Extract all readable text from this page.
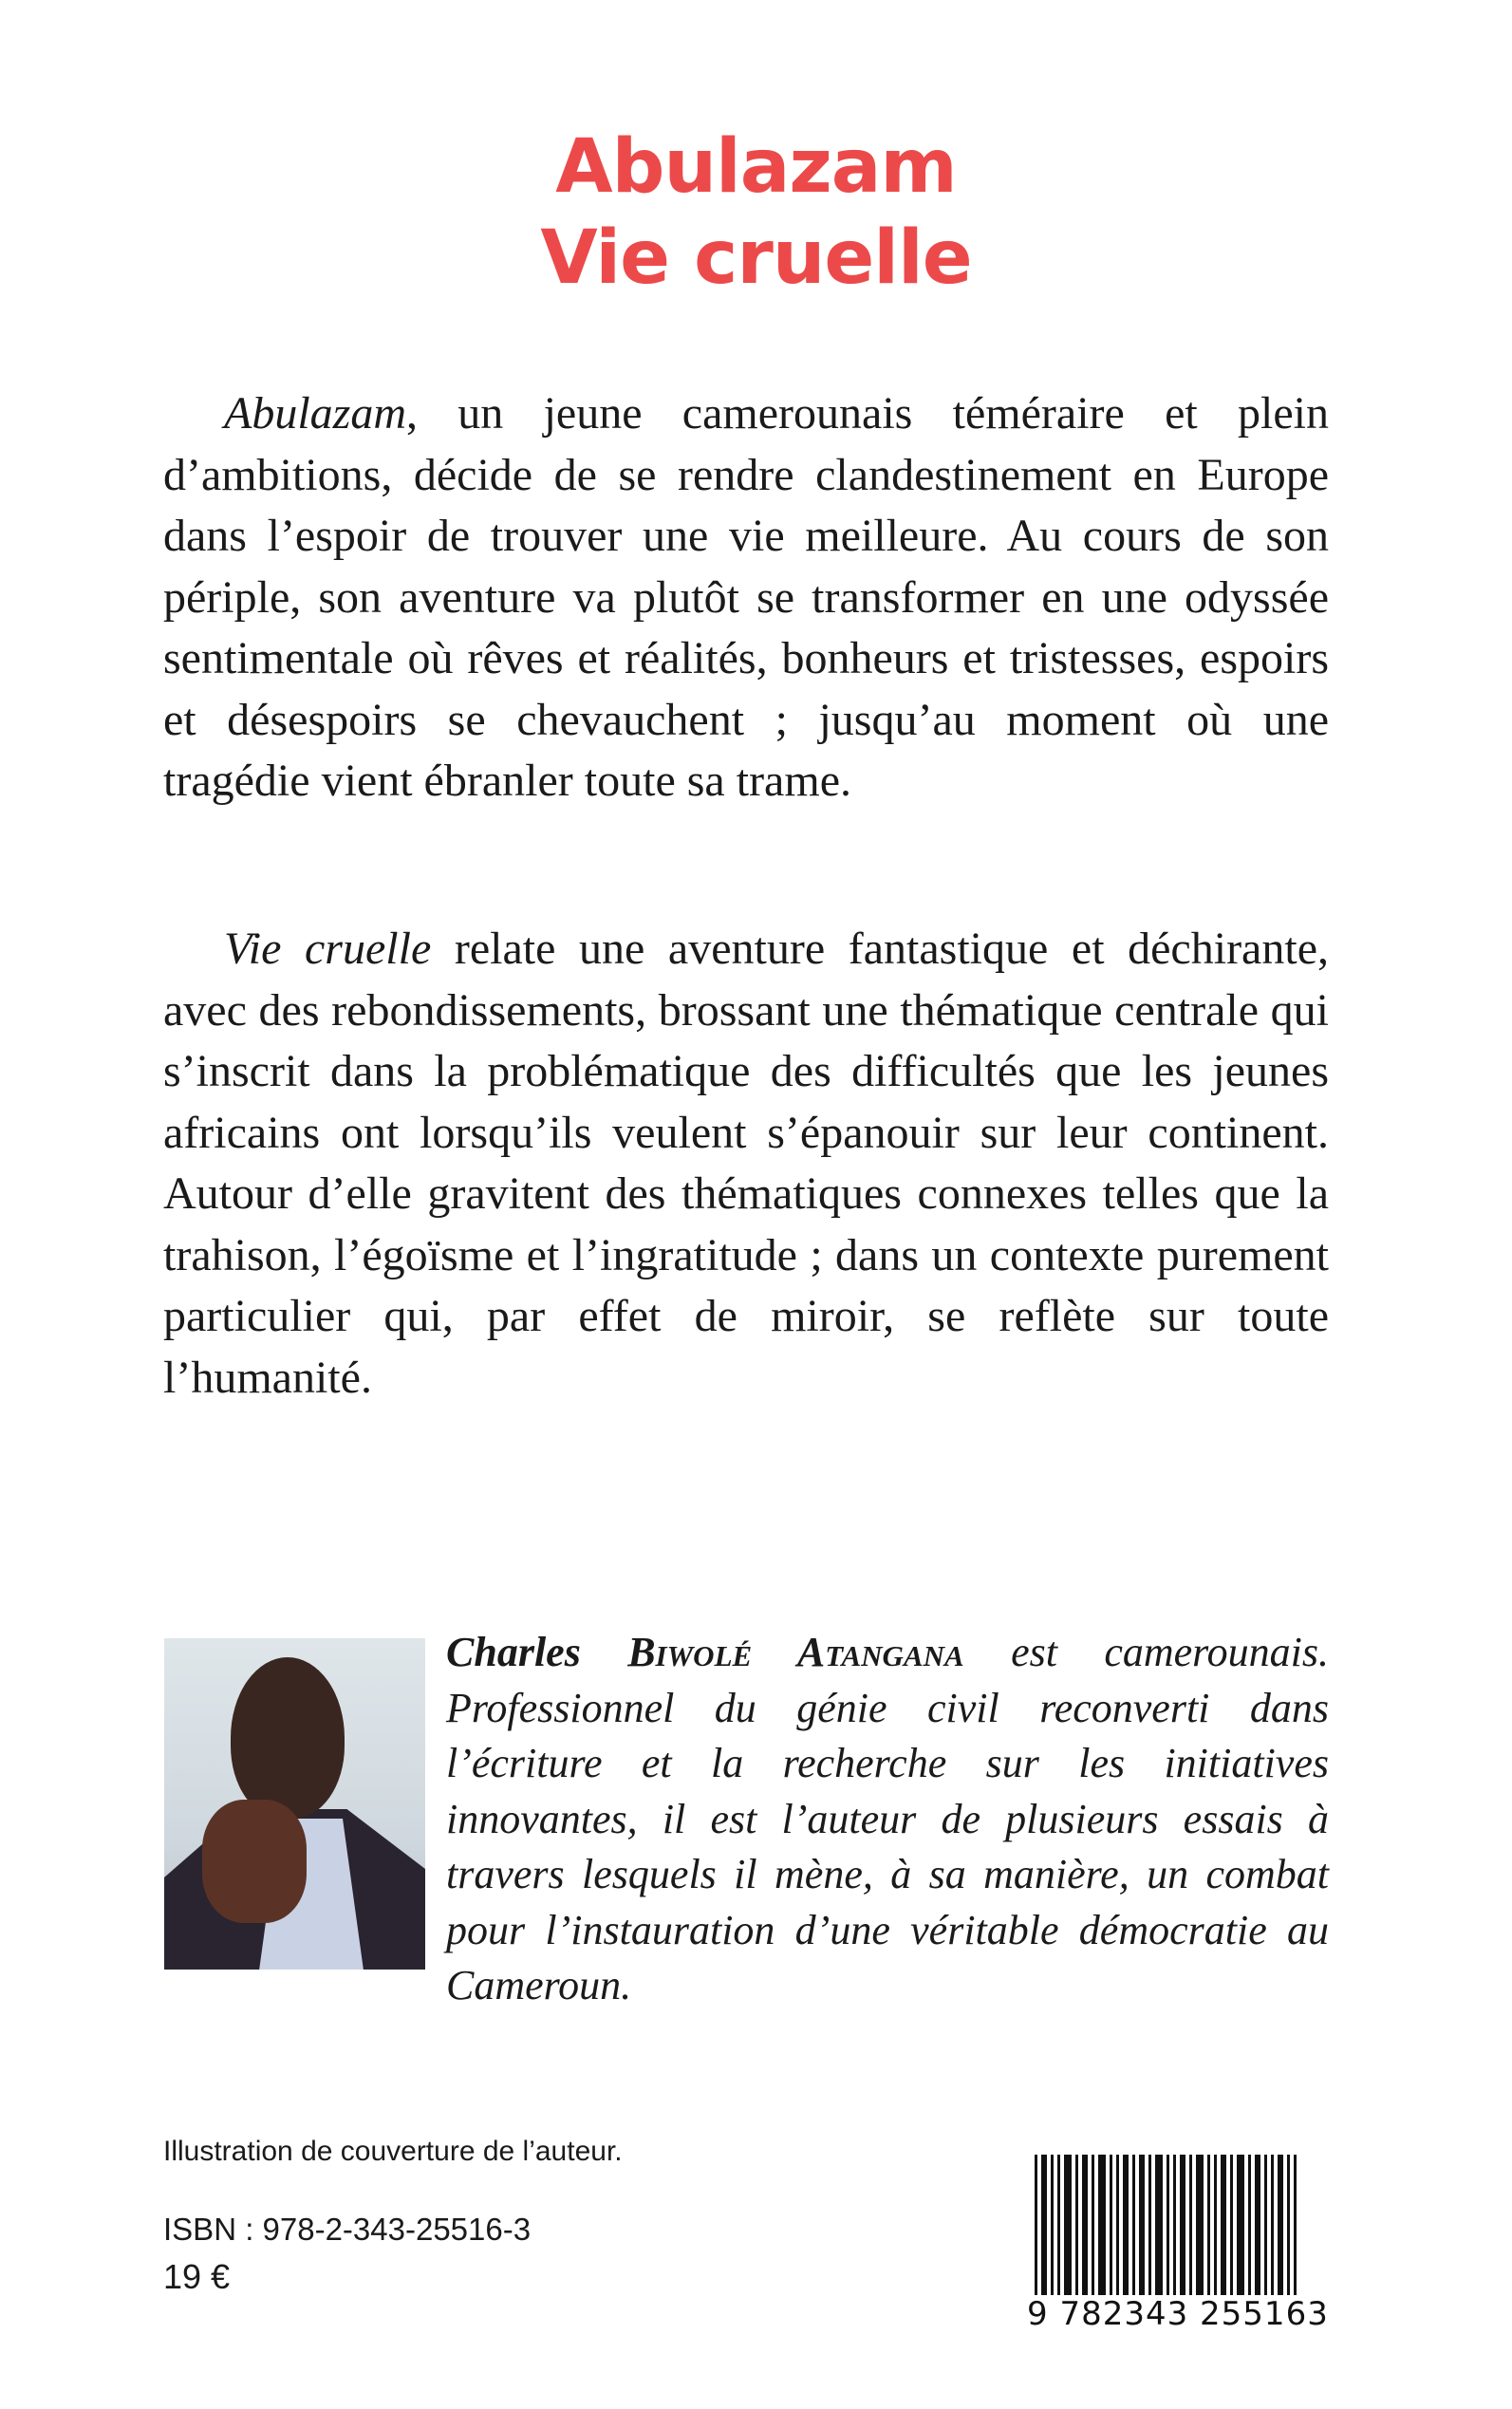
Abulazam
Vie cruelle
Abulazam, un jeune camerounais téméraire et plein d’ambitions, décide de se rendre clandestinement en Europe dans l’espoir de trouver une vie meilleure. Au cours de son périple, son aventure va plutôt se transformer en une odyssée sentimentale où rêves et réalités, bonheurs et tristesses, espoirs et désespoirs se chevauchent ; jusqu’au moment où une tragédie vient ébranler toute sa trame.
Vie cruelle relate une aventure fantastique et déchirante, avec des rebondissements, brossant une thématique centrale qui s’inscrit dans la problématique des difficultés que les jeunes africains ont lorsqu’ils veulent s’épanouir sur leur continent. Autour d’elle gravitent des thématiques connexes telles que la trahison, l’égoïsme et l’ingratitude ; dans un contexte purement particulier qui, par effet de miroir, se reflète sur toute l’humanité.
Charles Biwolé Atangana est camerounais. Professionnel du génie civil reconverti dans l’écriture et la recherche sur les initiatives innovantes, il est l’auteur de plusieurs essais à travers lesquels il mène, à sa manière, un combat pour l’instauration d’une véritable démocratie au Cameroun.
Illustration de couverture de l’auteur.
ISBN : 978-2-343-25516-3
19 €
9 782343 255163
